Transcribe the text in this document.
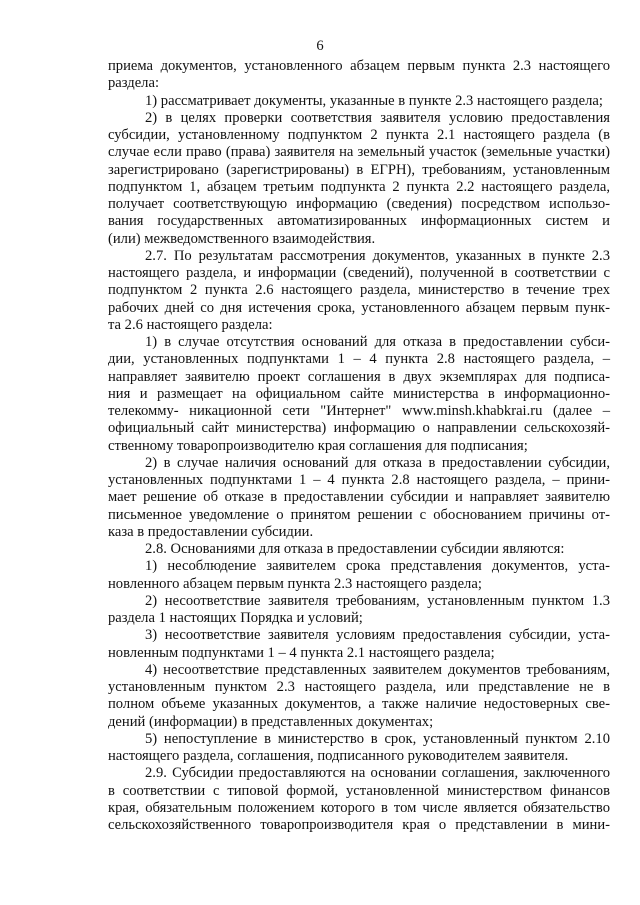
6
приема документов, установленного абзацем первым пункта 2.3 настоящего
раздела:
1) рассматривает документы, указанные в пункте 2.3 настоящего раздела;
2) в целях проверки соответствия заявителя условию предоставления
субсидии, установленному подпунктом 2 пункта 2.1 настоящего раздела (в
случае если право (права) заявителя на земельный участок (земельные участки)
зарегистрировано (зарегистрированы) в ЕГРН), требованиям, установленным
подпунктом 1, абзацем третьим подпункта 2 пункта 2.2 настоящего раздела,
получает соответствующую информацию (сведения) посредством использо-
вания государственных автоматизированных информационных систем и
(или) межведомственного взаимодействия.
2.7. По результатам рассмотрения документов, указанных в пункте 2.3
настоящего раздела, и информации (сведений), полученной в соответствии с
подпунктом 2 пункта 2.6 настоящего раздела, министерство в течение трех
рабочих дней со дня истечения срока, установленного абзацем первым пунк-
та 2.6 настоящего раздела:
1) в случае отсутствия оснований для отказа в предоставлении субси-
дии, установленных подпунктами 1 – 4 пункта 2.8 настоящего раздела, –
направляет заявителю проект соглашения в двух экземплярах для подписа-
ния и размещает на официальном сайте министерства в информационно-
телекомму- никационной сети "Интернет" www.minsh.khabkrai.ru (далее –
официальный сайт министерства) информацию о направлении сельскохозяй-
ственному товаропроизводителю края соглашения для подписания;
2) в случае наличия оснований для отказа в предоставлении субсидии,
установленных подпунктами 1 – 4 пункта 2.8 настоящего раздела, – прини-
мает решение об отказе в предоставлении субсидии и направляет заявителю
письменное уведомление о принятом решении с обоснованием причины от-
каза в предоставлении субсидии.
2.8. Основаниями для отказа в предоставлении субсидии являются:
1) несоблюдение заявителем срока представления документов, уста-
новленного абзацем первым пункта 2.3 настоящего раздела;
2) несоответствие заявителя требованиям, установленным пунктом 1.3
раздела 1 настоящих Порядка и условий;
3) несоответствие заявителя условиям предоставления субсидии, уста-
новленным подпунктами 1 – 4 пункта 2.1 настоящего раздела;
4) несоответствие представленных заявителем документов требованиям,
установленным пунктом 2.3 настоящего раздела, или представление не в
полном объеме указанных документов, а также наличие недостоверных све-
дений (информации) в представленных документах;
5) непоступление в министерство в срок, установленный пунктом 2.10
настоящего раздела, соглашения, подписанного руководителем заявителя.
2.9. Субсидии предоставляются на основании соглашения, заключенного
в соответствии с типовой формой, установленной министерством финансов
края, обязательным положением которого в том числе является обязательство
сельскохозяйственного товаропроизводителя края о представлении в мини-
